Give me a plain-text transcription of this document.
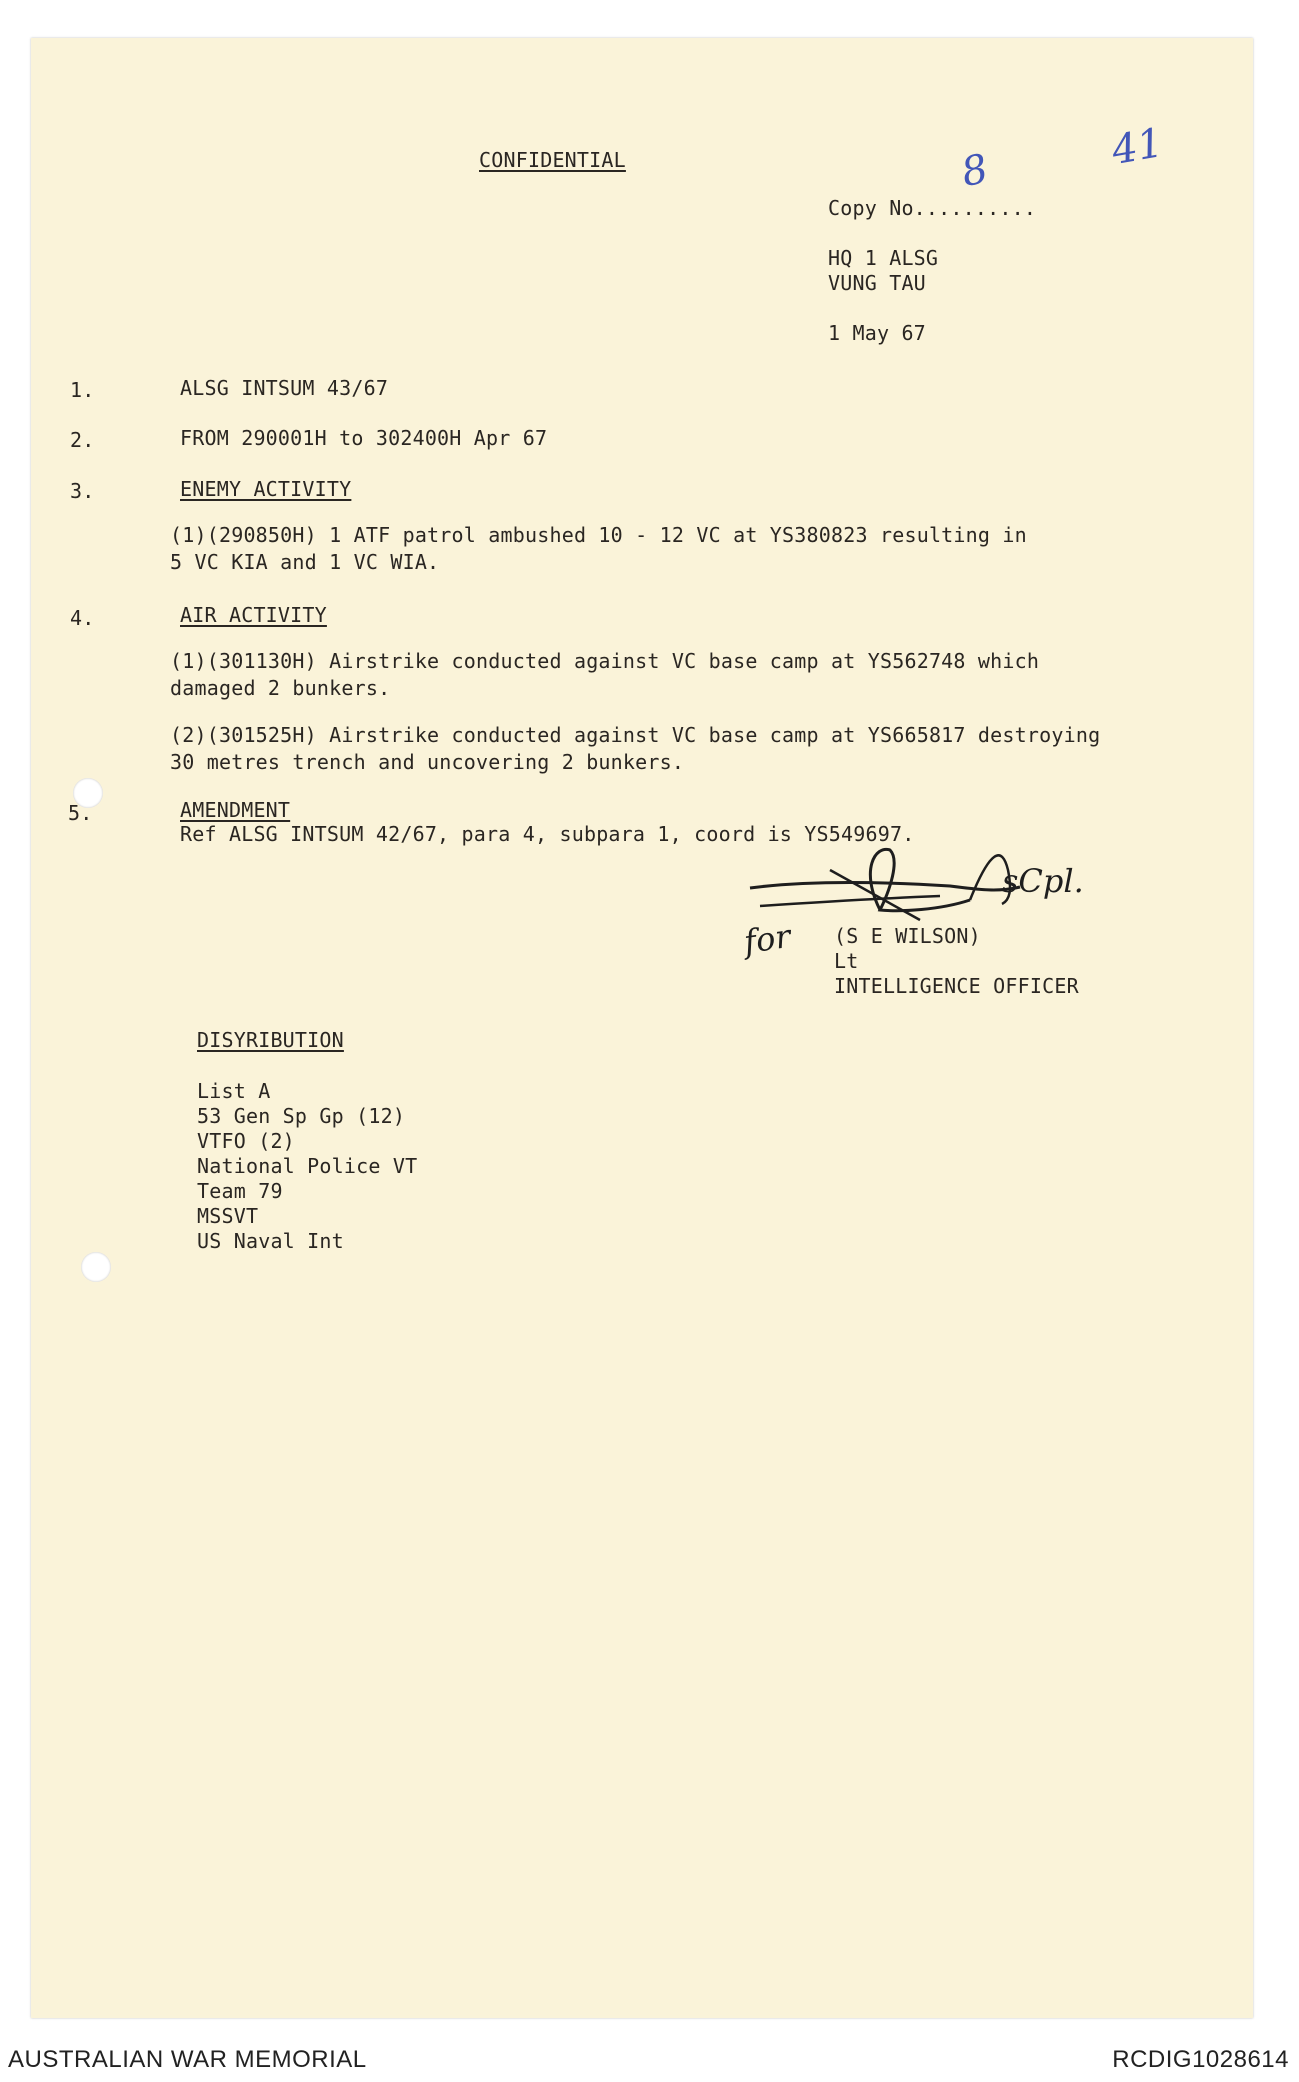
CONFIDENTIAL
Copy No..........
8	41
HQ 1 ALSG
VUNG TAU
1 May 67
1.	ALSG INTSUM 43/67
2.	FROM 290001H to 302400H Apr 67
3.	ENEMY ACTIVITY
(1)(290850H) 1 ATF patrol ambushed 10 - 12 VC at YS380823 resulting in
5 VC KIA and 1 VC WIA.
4.	AIR ACTIVITY
(1)(301130H) Airstrike conducted against VC base camp at YS562748 which
damaged 2 bunkers.
(2)(301525H) Airstrike conducted against VC base camp at YS665817 destroying
30 metres trench and uncovering 2 bunkers.
5.	AMENDMENT
Ref ALSG INTSUM 42/67, para 4, subpara 1, coord is YS549697.
sCpl.
for (S E WILSON)
Lt
INTELLIGENCE OFFICER
DISYRIBUTION
List A
53 Gen Sp Gp (12)
VTFO (2)
National Police VT
Team 79
MSSVT
US Naval Int
AUSTRALIAN WAR MEMORIAL	RCDIG1028614
